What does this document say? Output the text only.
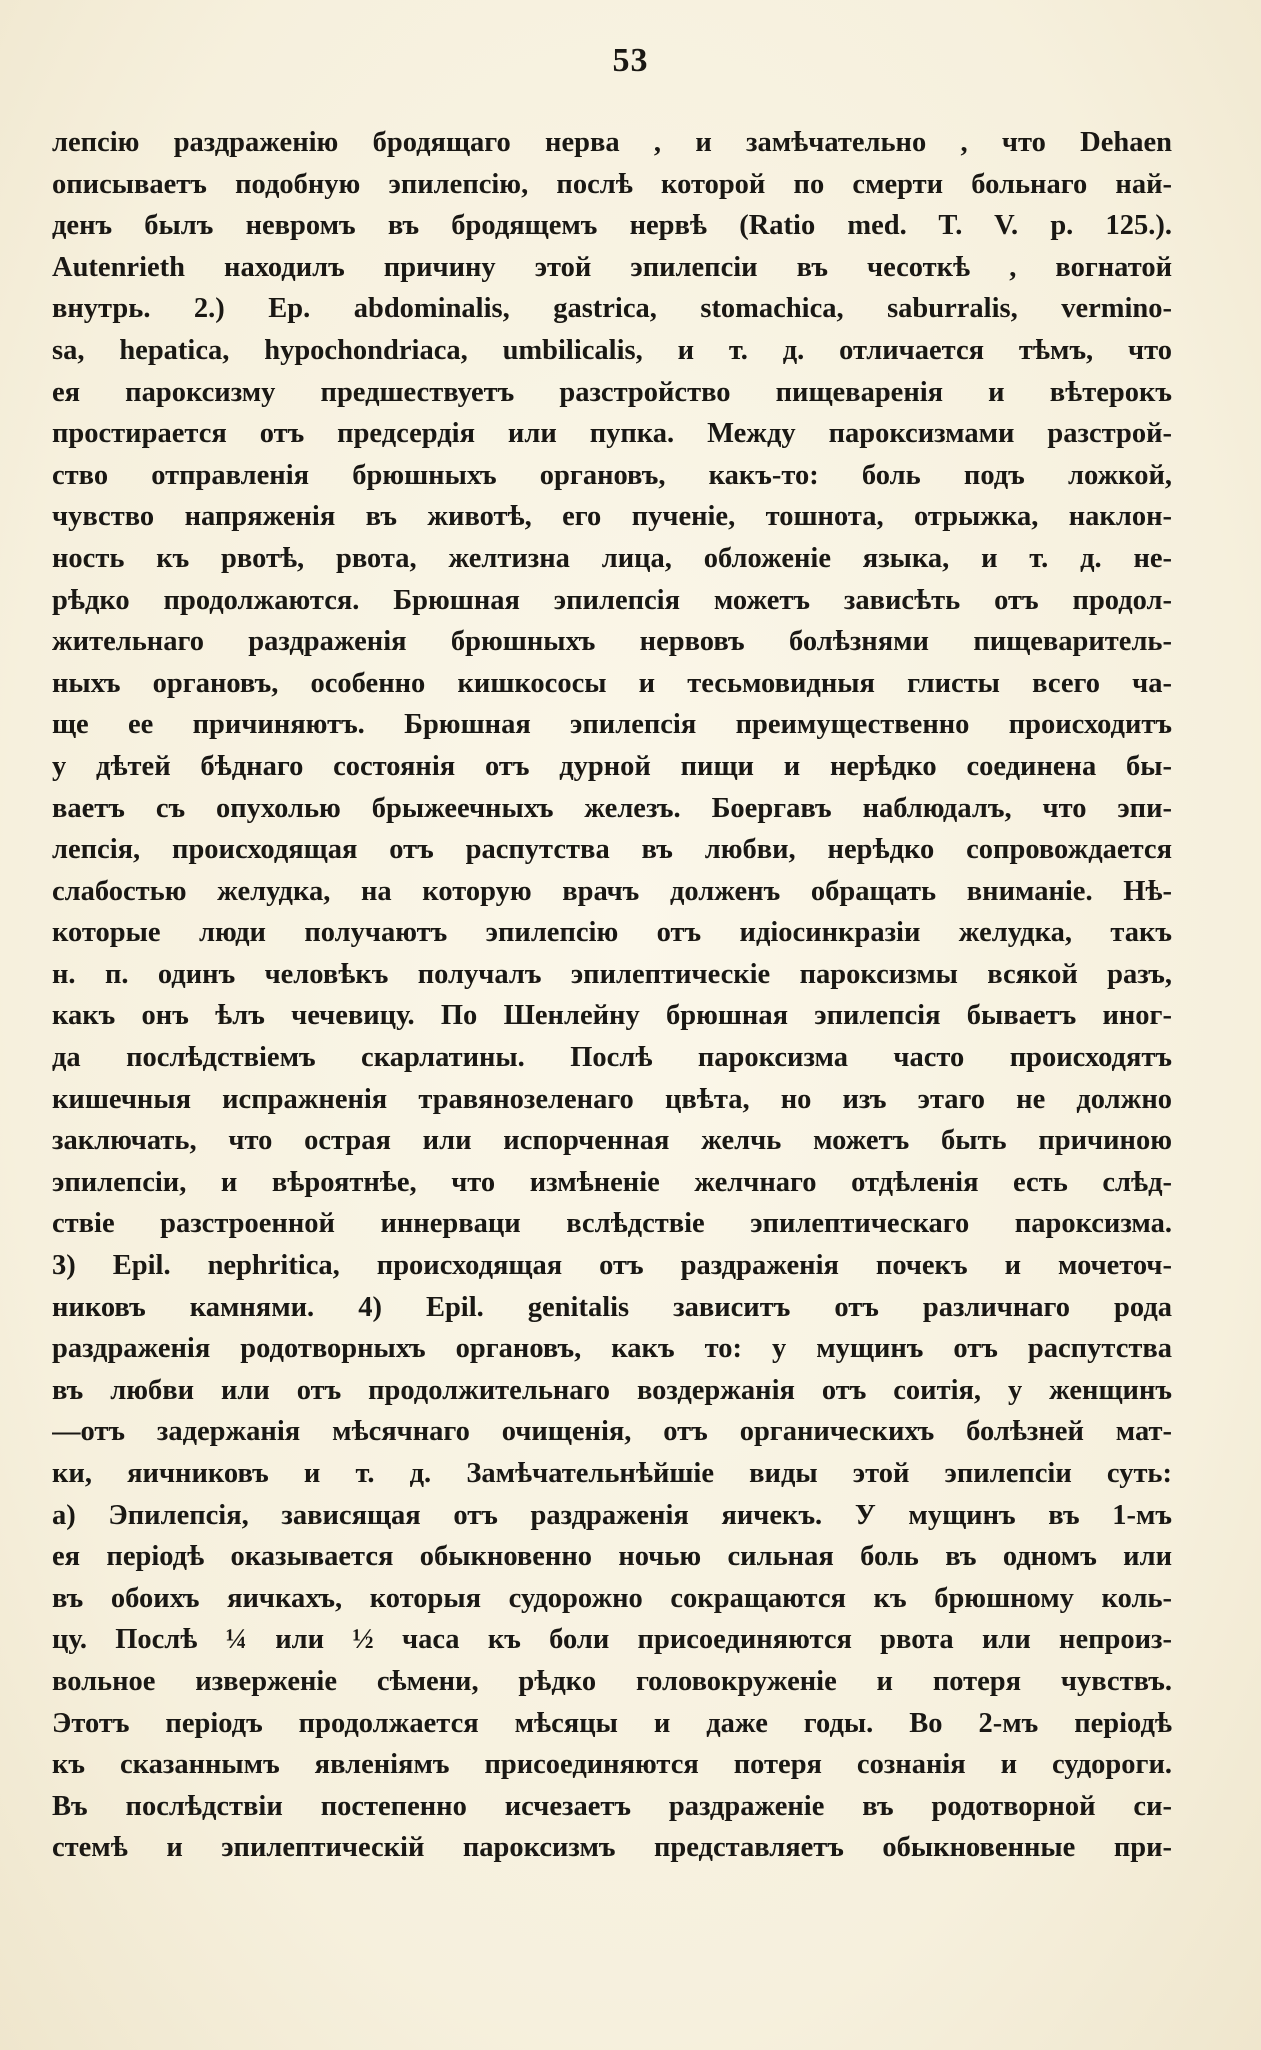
53
лепсiю раздраженiю бродящаго нерва , и замѣчательно , что Dehaen
описываетъ подобную эпилепсiю, послѣ которой по смерти больнаго най-
денъ былъ невромъ въ бродящемъ нервѣ (Ratio med. T. V. p. 125.).
Autenrieth находилъ причину этой эпилепсiи въ чесоткѣ , вогнатой
внутрь. 2.) Ep. abdominalis, gastrica, stomachica, saburralis, vermino-
sa, hepatica, hypochondriaca, umbilicalis, и т. д. отличается тѣмъ, что
ея пароксизму предшествуетъ разстройство пищеваренiя и вѣтерокъ
простирается отъ предсердiя или пупка. Между пароксизмами разстрой-
ство отправленiя брюшныхъ органовъ, какъ-то: боль подъ ложкой,
чувство напряженiя въ животѣ, его пученiе, тошнота, отрыжка, наклон-
ность къ рвотѣ, рвота, желтизна лица, обложенiе языка, и т. д. не-
рѣдко продолжаются. Брюшная эпилепсiя можетъ зависѣть отъ продол-
жительнаго раздраженiя брюшныхъ нервовъ болѣзнями пищеваритель-
ныхъ органовъ, особенно кишкососы и тесьмовидныя глисты всего ча-
ще ее причиняютъ. Брюшная эпилепсiя преимущественно происходитъ
у дѣтей бѣднаго состоянiя отъ дурной пищи и нерѣдко соединена бы-
ваетъ съ опухолью брыжеечныхъ железъ. Боергавъ наблюдалъ, что эпи-
лепсiя, происходящая отъ распутства въ любви, нерѣдко сопровождается
слабостью желудка, на которую врачъ долженъ обращать вниманiе. Нѣ-
которые люди получаютъ эпилепсiю отъ идiосинкразiи желудка, такъ
н. п. одинъ человѣкъ получалъ эпилептическiе пароксизмы всякой разъ,
какъ онъ ѣлъ чечевицу. По Шенлейну брюшная эпилепсiя бываетъ иног-
да послѣдствiемъ скарлатины. Послѣ пароксизма часто происходятъ
кишечныя испражненiя травянозеленаго цвѣта, но изъ этаго не должно
заключать, что острая или испорченная желчь можетъ быть причиною
эпилепсiи, и вѣроятнѣе, что измѣненiе желчнаго отдѣленiя есть слѣд-
ствiе разстроенной иннерваци вслѣдствiе эпилептическаго пароксизма.
3) Epil. nephritica, происходящая отъ раздраженiя почекъ и мочеточ-
никовъ камнями. 4) Epil. genitalis зависитъ отъ различнаго рода
раздраженiя родотворныхъ органовъ, какъ то: у мущинъ отъ распутства
въ любви или отъ продолжительнаго воздержанiя отъ соитiя, у женщинъ
—отъ задержанiя мѣсячнаго очищенiя, отъ органическихъ болѣзней мат-
ки, яичниковъ и т. д. Замѣчательнѣйшiе виды этой эпилепсiи суть:
а) Эпилепсiя, зависящая отъ раздраженiя яичекъ. У мущинъ въ 1-мъ
ея перiодѣ оказывается обыкновенно ночью сильная боль въ одномъ или
въ обоихъ яичкахъ, которыя судорожно сокращаются къ брюшному коль-
цу. Послѣ ¼ или ½ часа къ боли присоединяются рвота или непроиз-
вольное изверженiе сѣмени, рѣдко головокруженiе и потеря чувствъ.
Этотъ перiодъ продолжается мѣсяцы и даже годы. Во 2-мъ перiодѣ
къ сказаннымъ явленiямъ присоединяются потеря сознанiя и судороги.
Въ послѣдствiи постепенно исчезаетъ раздраженiе въ родотворной си-
стемѣ и эпилептическiй пароксизмъ представляетъ обыкновенные при-
